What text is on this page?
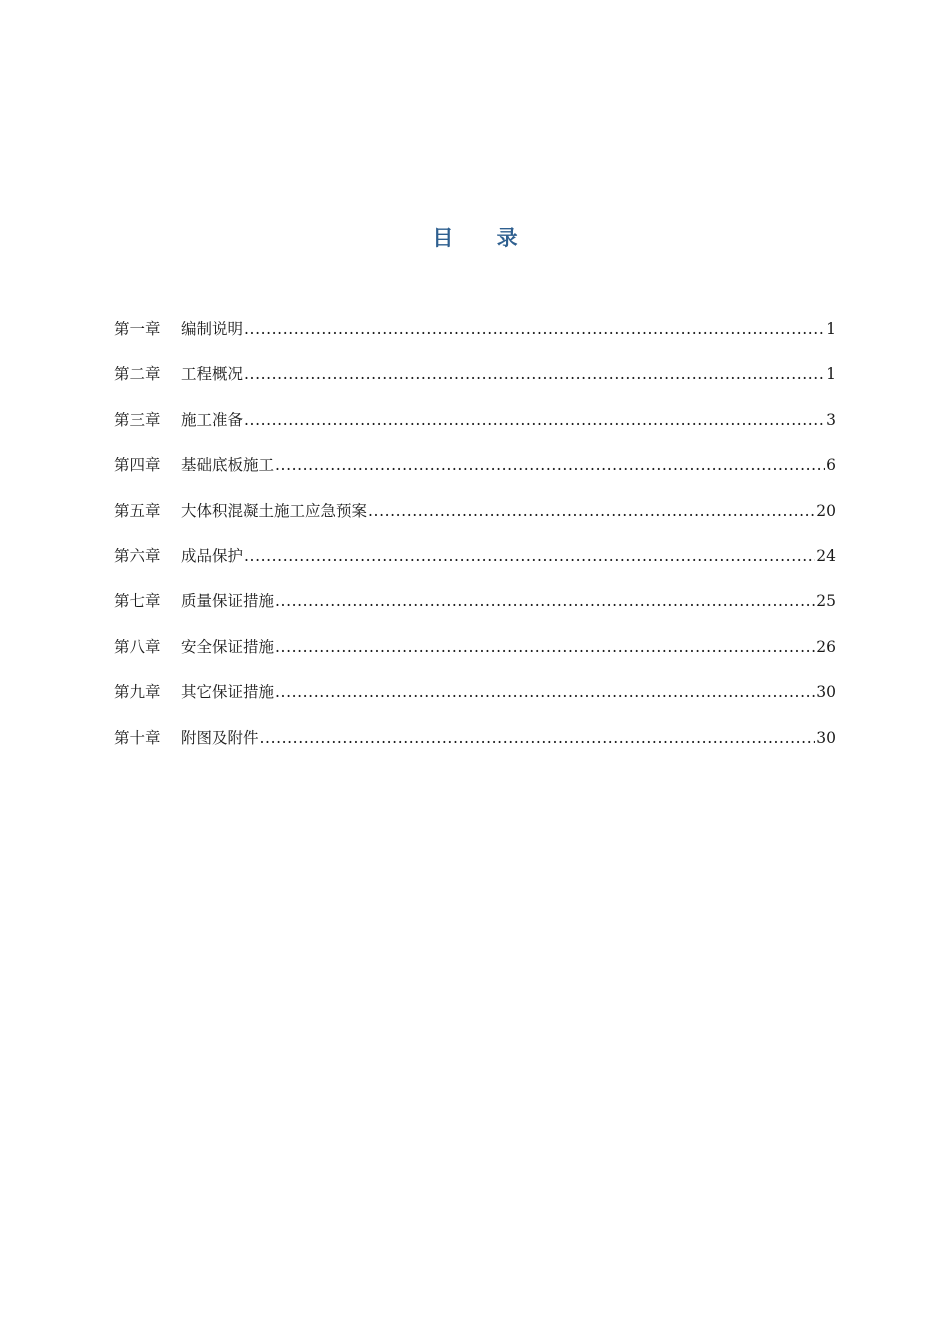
目 录
第一章	编制说明 .....	1
第二章	工程概况 .....	1
第三章	施工准备 .....	3
第四章	基础底板施工 .....	6
第五章	大体积混凝土施工应急预案 .....	20
第六章	成品保护 .....	24
第七章	质量保证措施 .....	25
第八章	安全保证措施 .....	26
第九章	其它保证措施 .....	30
第十章	附图及附件 .....	30
